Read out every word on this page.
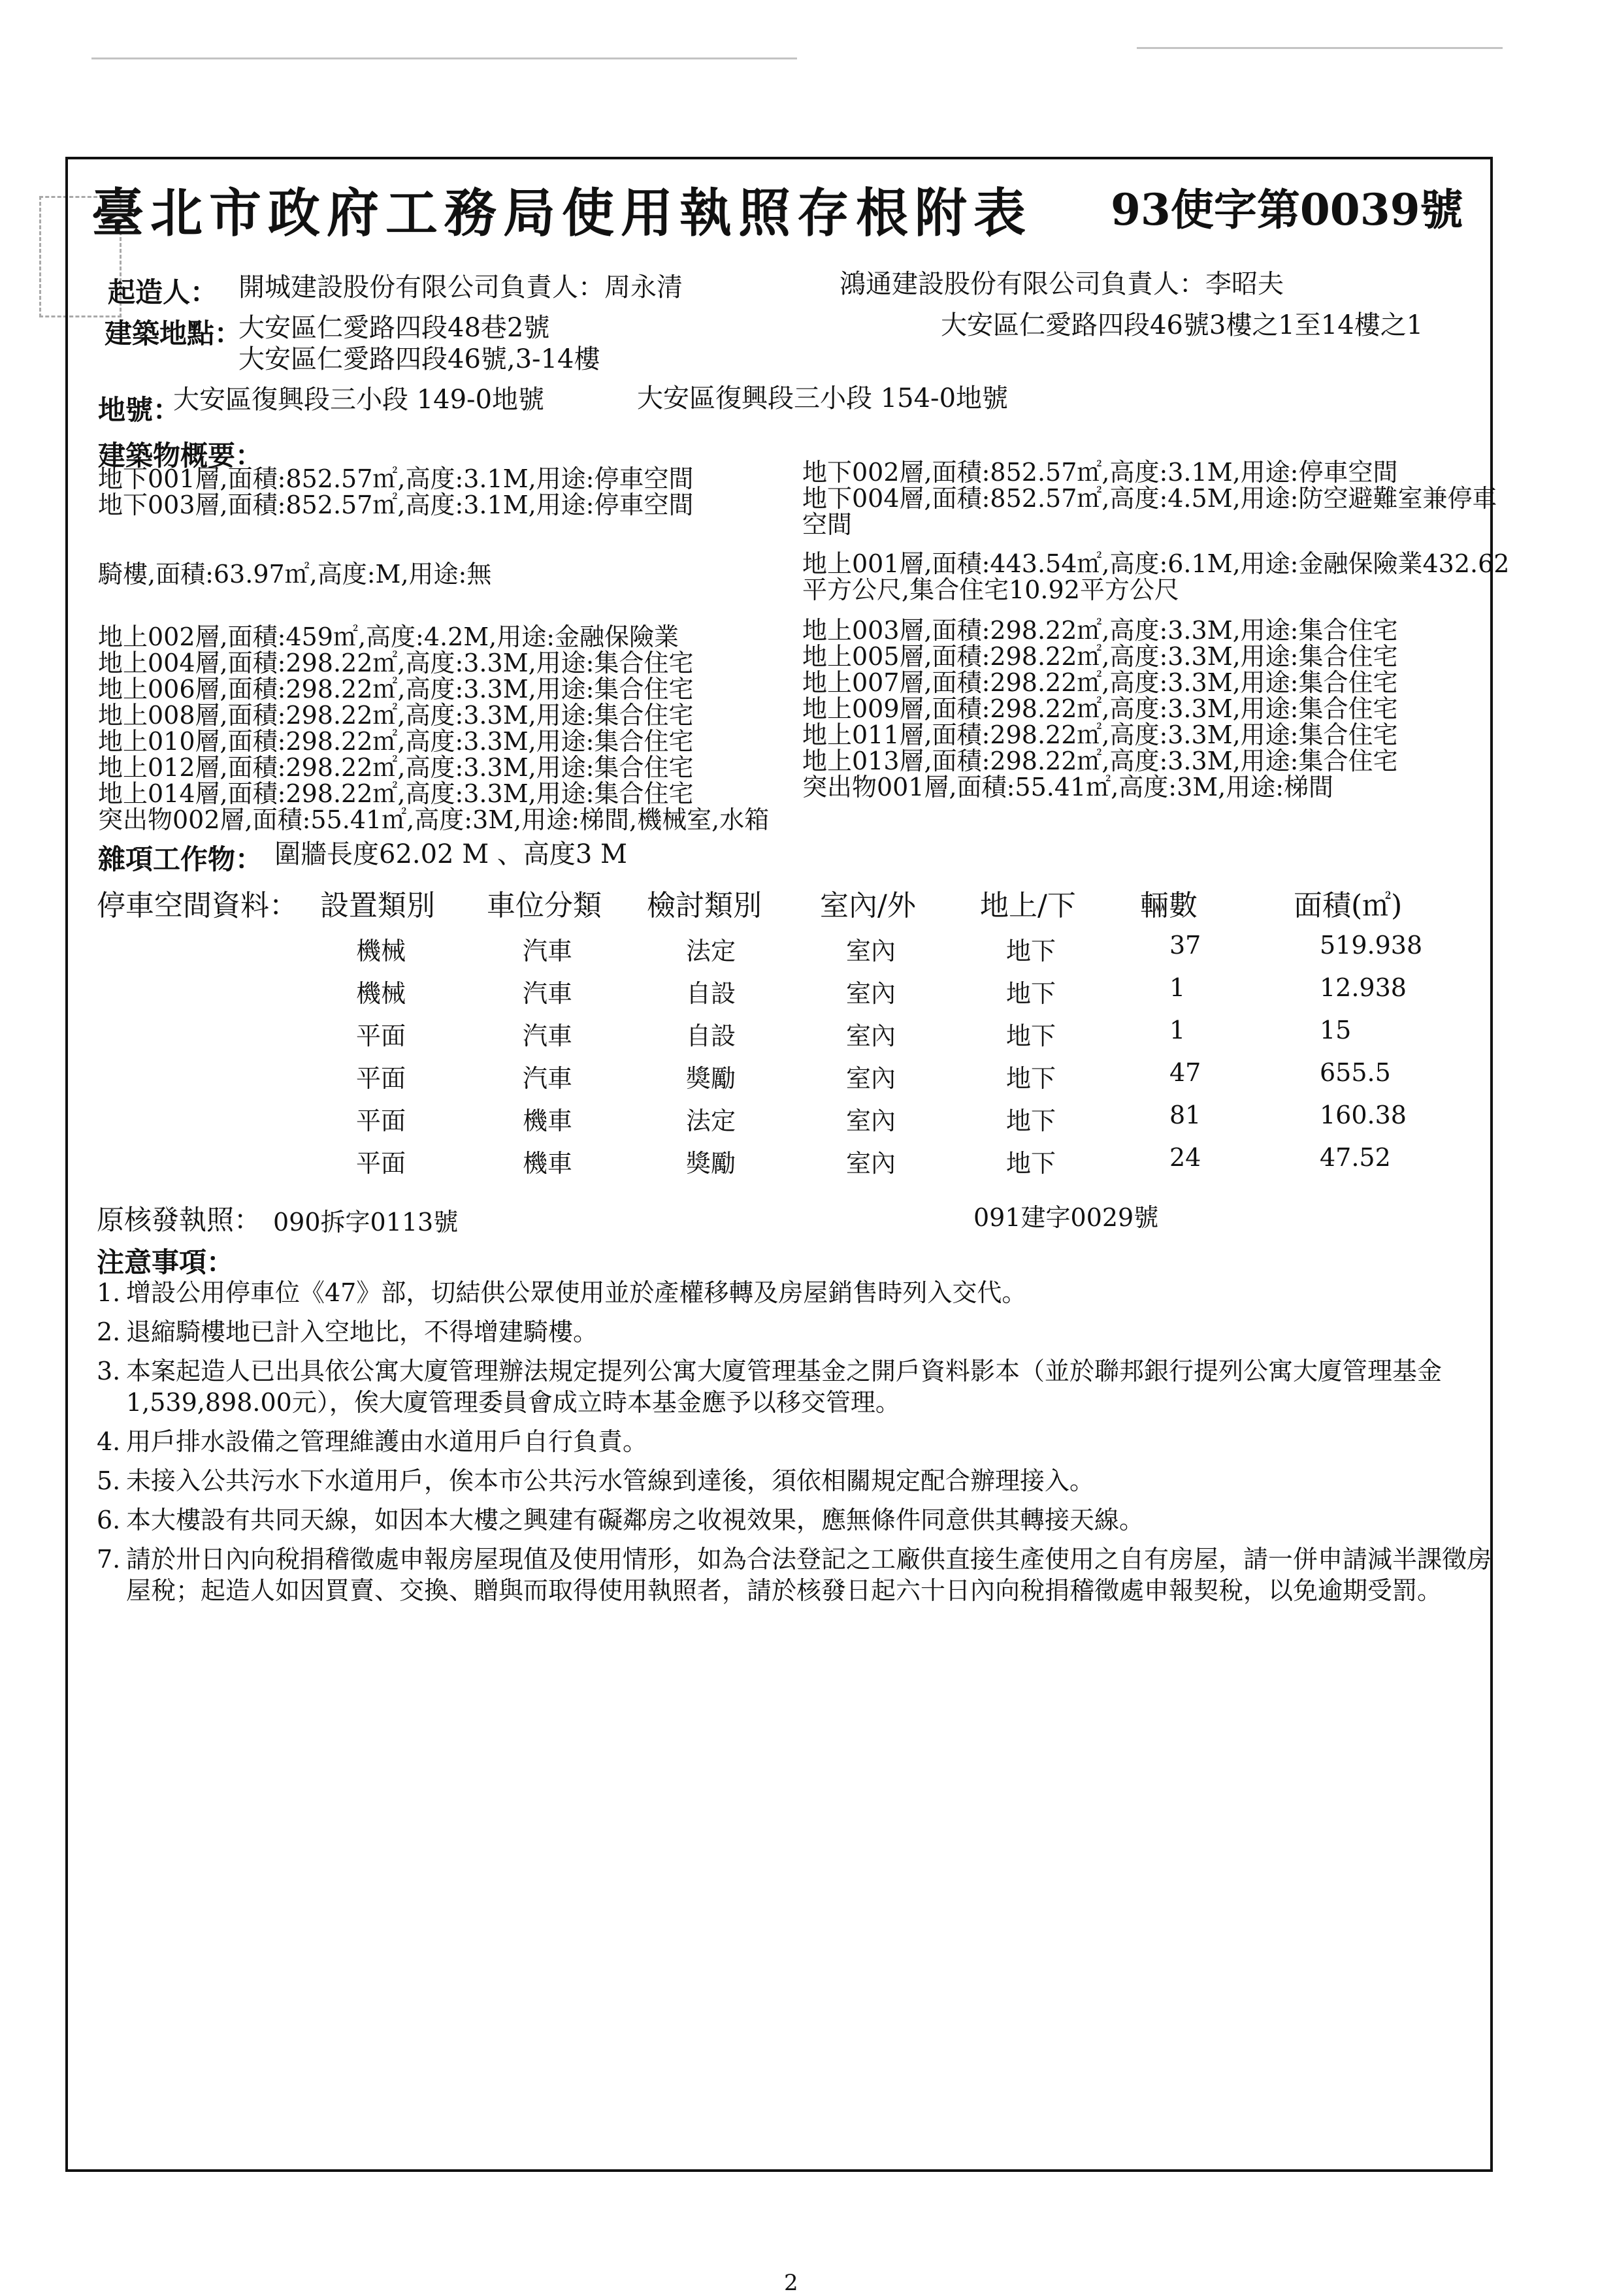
臺北市政府工務局使用執照存根附表 93使字第0039號
起造人： 開城建設股份有限公司負責人：周永清	鴻通建設股份有限公司負責人：李昭夫
建築地點：
大安區仁愛路四段48巷2號
大安區仁愛路四段46號,3-14樓
大安區仁愛路四段46號3樓之1至14樓之1
地號：
大安區復興段三小段 149-0地號	大安區復興段三小段 154-0地號
建築物概要：
地下001層,面積:852.57㎡,高度:3.1M,用途:停車空間
地下003層,面積:852.57㎡,高度:3.1M,用途:停車空間
地下002層,面積:852.57㎡,高度:3.1M,用途:停車空間
地下004層,面積:852.57㎡,高度:4.5M,用途:防空避難室兼停車
空間
騎樓,面積:63.97㎡,高度:M,用途:無	地上001層,面積:443.54㎡,高度:6.1M,用途:金融保險業432.62
平方公尺,集合住宅10.92平方公尺
地上002層,面積:459㎡,高度:4.2M,用途:金融保險業
地上004層,面積:298.22㎡,高度:3.3M,用途:集合住宅
地上006層,面積:298.22㎡,高度:3.3M,用途:集合住宅
地上008層,面積:298.22㎡,高度:3.3M,用途:集合住宅
地上010層,面積:298.22㎡,高度:3.3M,用途:集合住宅
地上012層,面積:298.22㎡,高度:3.3M,用途:集合住宅
地上014層,面積:298.22㎡,高度:3.3M,用途:集合住宅
突出物002層,面積:55.41㎡,高度:3M,用途:梯間,機械室,水箱
地上003層,面積:298.22㎡,高度:3.3M,用途:集合住宅
地上005層,面積:298.22㎡,高度:3.3M,用途:集合住宅
地上007層,面積:298.22㎡,高度:3.3M,用途:集合住宅
地上009層,面積:298.22㎡,高度:3.3M,用途:集合住宅
地上011層,面積:298.22㎡,高度:3.3M,用途:集合住宅
地上013層,面積:298.22㎡,高度:3.3M,用途:集合住宅
突出物001層,面積:55.41㎡,高度:3M,用途:梯間
雜項工作物： 圍牆長度62.02 M 、高度3 M
停車空間資料： 設置類別 車位分類 檢討類別 室內/外 地上/下 輛數	面積(㎡)
機械	汽車	法定	室內	地下	37	519.938
機械	汽車	自設	室內	地下	1	12.938
平面	汽車	自設	室內	地下	1	15
平面	汽車	獎勵	室內	地下	47	655.5
平面	機車	法定	室內	地下	81	160.38
平面	機車	獎勵	室內	地下	24	47.52
原核發執照： 090拆字0113號	091建字0029號
注意事項：
1. 增設公用停車位《47》部，切結供公眾使用並於產權移轉及房屋銷售時列入交代。
2. 退縮騎樓地已計入空地比，不得增建騎樓。
3. 本案起造人已出具依公寓大廈管理辦法規定提列公寓大廈管理基金之開戶資料影本（並於聯邦銀行提列公寓大廈管理基金1,539,898.00元），俟大廈管理委員會成立時本基金應予以移交管理。
4. 用戶排水設備之管理維護由水道用戶自行負責。
5. 未接入公共污水下水道用戶，俟本市公共污水管線到達後，須依相關規定配合辦理接入。
6. 本大樓設有共同天線，如因本大樓之興建有礙鄰房之收視效果，應無條件同意供其轉接天線。
7. 請於卅日內向稅捐稽徵處申報房屋現值及使用情形，如為合法登記之工廠供直接生產使用之自有房屋，請一併申請減半課徵房屋稅；起造人如因買賣、交換、贈與而取得使用執照者，請於核發日起六十日內向稅捐稽徵處申報契稅，以免逾期受罰。
2
